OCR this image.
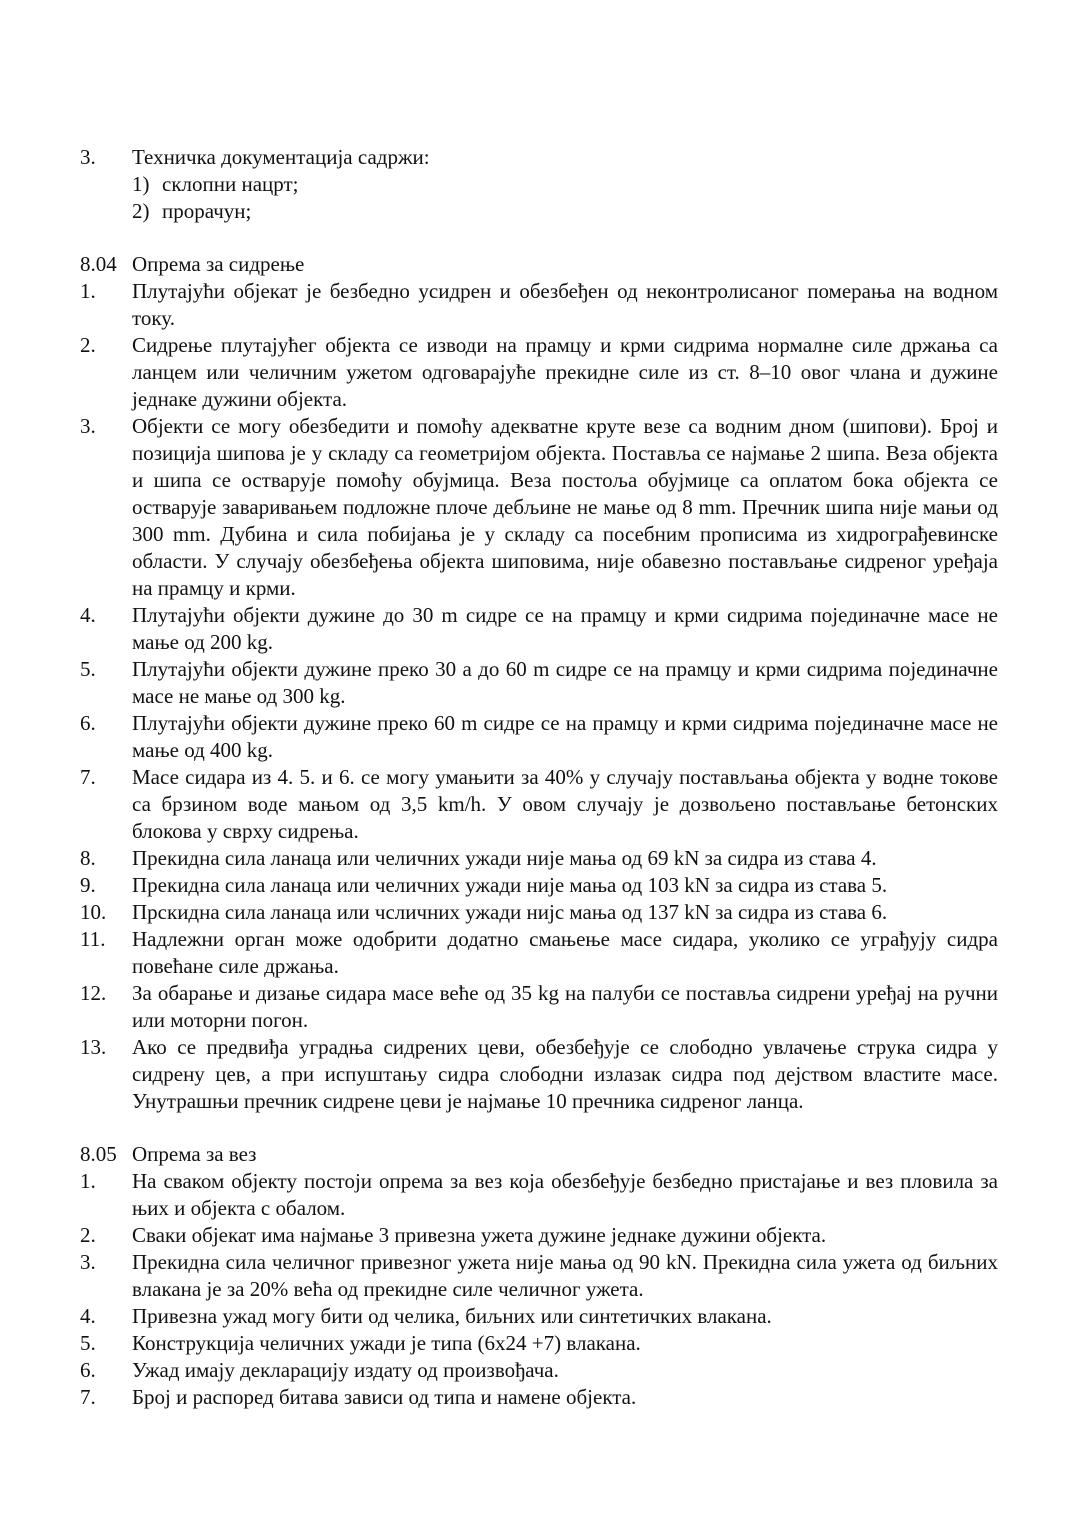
3.	Техничка документација садржи:
1) склопни нацрт;
2) прорачун;
8.04 Опрема за сидрење
1.	Плутајући објекат је безбедно усидрен и обезбеђен од неконтролисаног померања на водном току.
2.	Сидрење плутајућег објекта се изводи на прамцу и крми сидрима нормалне силе држања са ланцем или челичним ужетом одговарајуће прекидне силе из ст. 8–10 овог члана и дужине једнаке дужини објекта.
3.	Објекти се могу обезбедити и помоћу адекватне круте везе са водним дном (шипови). Број и позиција шипова је у складу са геометријом објекта. Поставља се најмање 2 шипа. Веза објекта и шипа се остварује помоћу обујмица. Веза постоља обујмице са оплатом бока објекта се остварује заваривањем подложне плоче дебљине не мање од 8 mm. Пречник шипа није мањи од 300 mm. Дубина и сила побијања је у складу са посебним прописима из хидрограђевинске области. У случају обезбеђења објекта шиповима, није обавезно постављање сидреног уређаја на прамцу и крми.
4.	Плутајући објекти дужине до 30 m сидре се на прамцу и крми сидрима појединачне масе не мање од 200 kg.
5.	Плутајући објекти дужине преко 30 а до 60 m сидре се на прамцу и крми сидрима појединачне масе не мање од 300 kg.
6.	Плутајући објекти дужине преко 60 m сидре се на прамцу и крми сидрима појединачне масе не мање од 400 kg.
7.	Масе сидара из 4. 5. и 6. се могу умањити за 40% у случају постављања објекта у водне токове са брзином воде мањом од 3,5 km/h. У овом случају је дозвољено постављање бетонских блокова у сврху сидрења.
8.	Прекидна сила ланаца или челичних ужади није мања од 69 kN за сидра из става 4.
9.	Прекидна сила ланаца или челичних ужади није мања од 103 kN за сидра из става 5.
10.	Прскидна сила ланаца или чсличних ужади нијс мања од 137 kN за сидра из става 6.
11.	Надлежни орган може одобрити додатно смањење масе сидара, уколико се уграђују сидра повећане силе држања.
12.	За обарање и дизање сидара масе веће од 35 kg на палуби се поставља сидрени уређај на ручни или моторни погон.
13.	Ако се предвиђа уградња сидрених цеви, обезбеђује се слободно увлачење струка сидра у сидрену цев, а при испуштању сидра слободни излазак сидра под дејством властите масе. Унутрашњи пречник сидрене цеви је најмање 10 пречника сидреног ланца.
8.05 Опрема за вез
1.	На сваком објекту постоји опрема за вез која обезбеђује безбедно пристајање и вез пловила за њих и објекта с обалом.
2.	Сваки објекат има најмање 3 привезна ужета дужине једнаке дужини објекта.
3.	Прекидна сила челичног привезног ужета није мања од 90 kN. Прекидна сила ужета од биљних влакана је за 20% већа од прекидне силе челичног ужета.
4.	Привезна ужад могу бити од челика, биљних или синтетичких влакана.
5.	Конструкција челичних ужади је типа (6x24 +7) влакана.
6.	Ужад имају декларацију издату од произвођача.
7.	Број и распоред битава зависи од типа и намене објекта.
